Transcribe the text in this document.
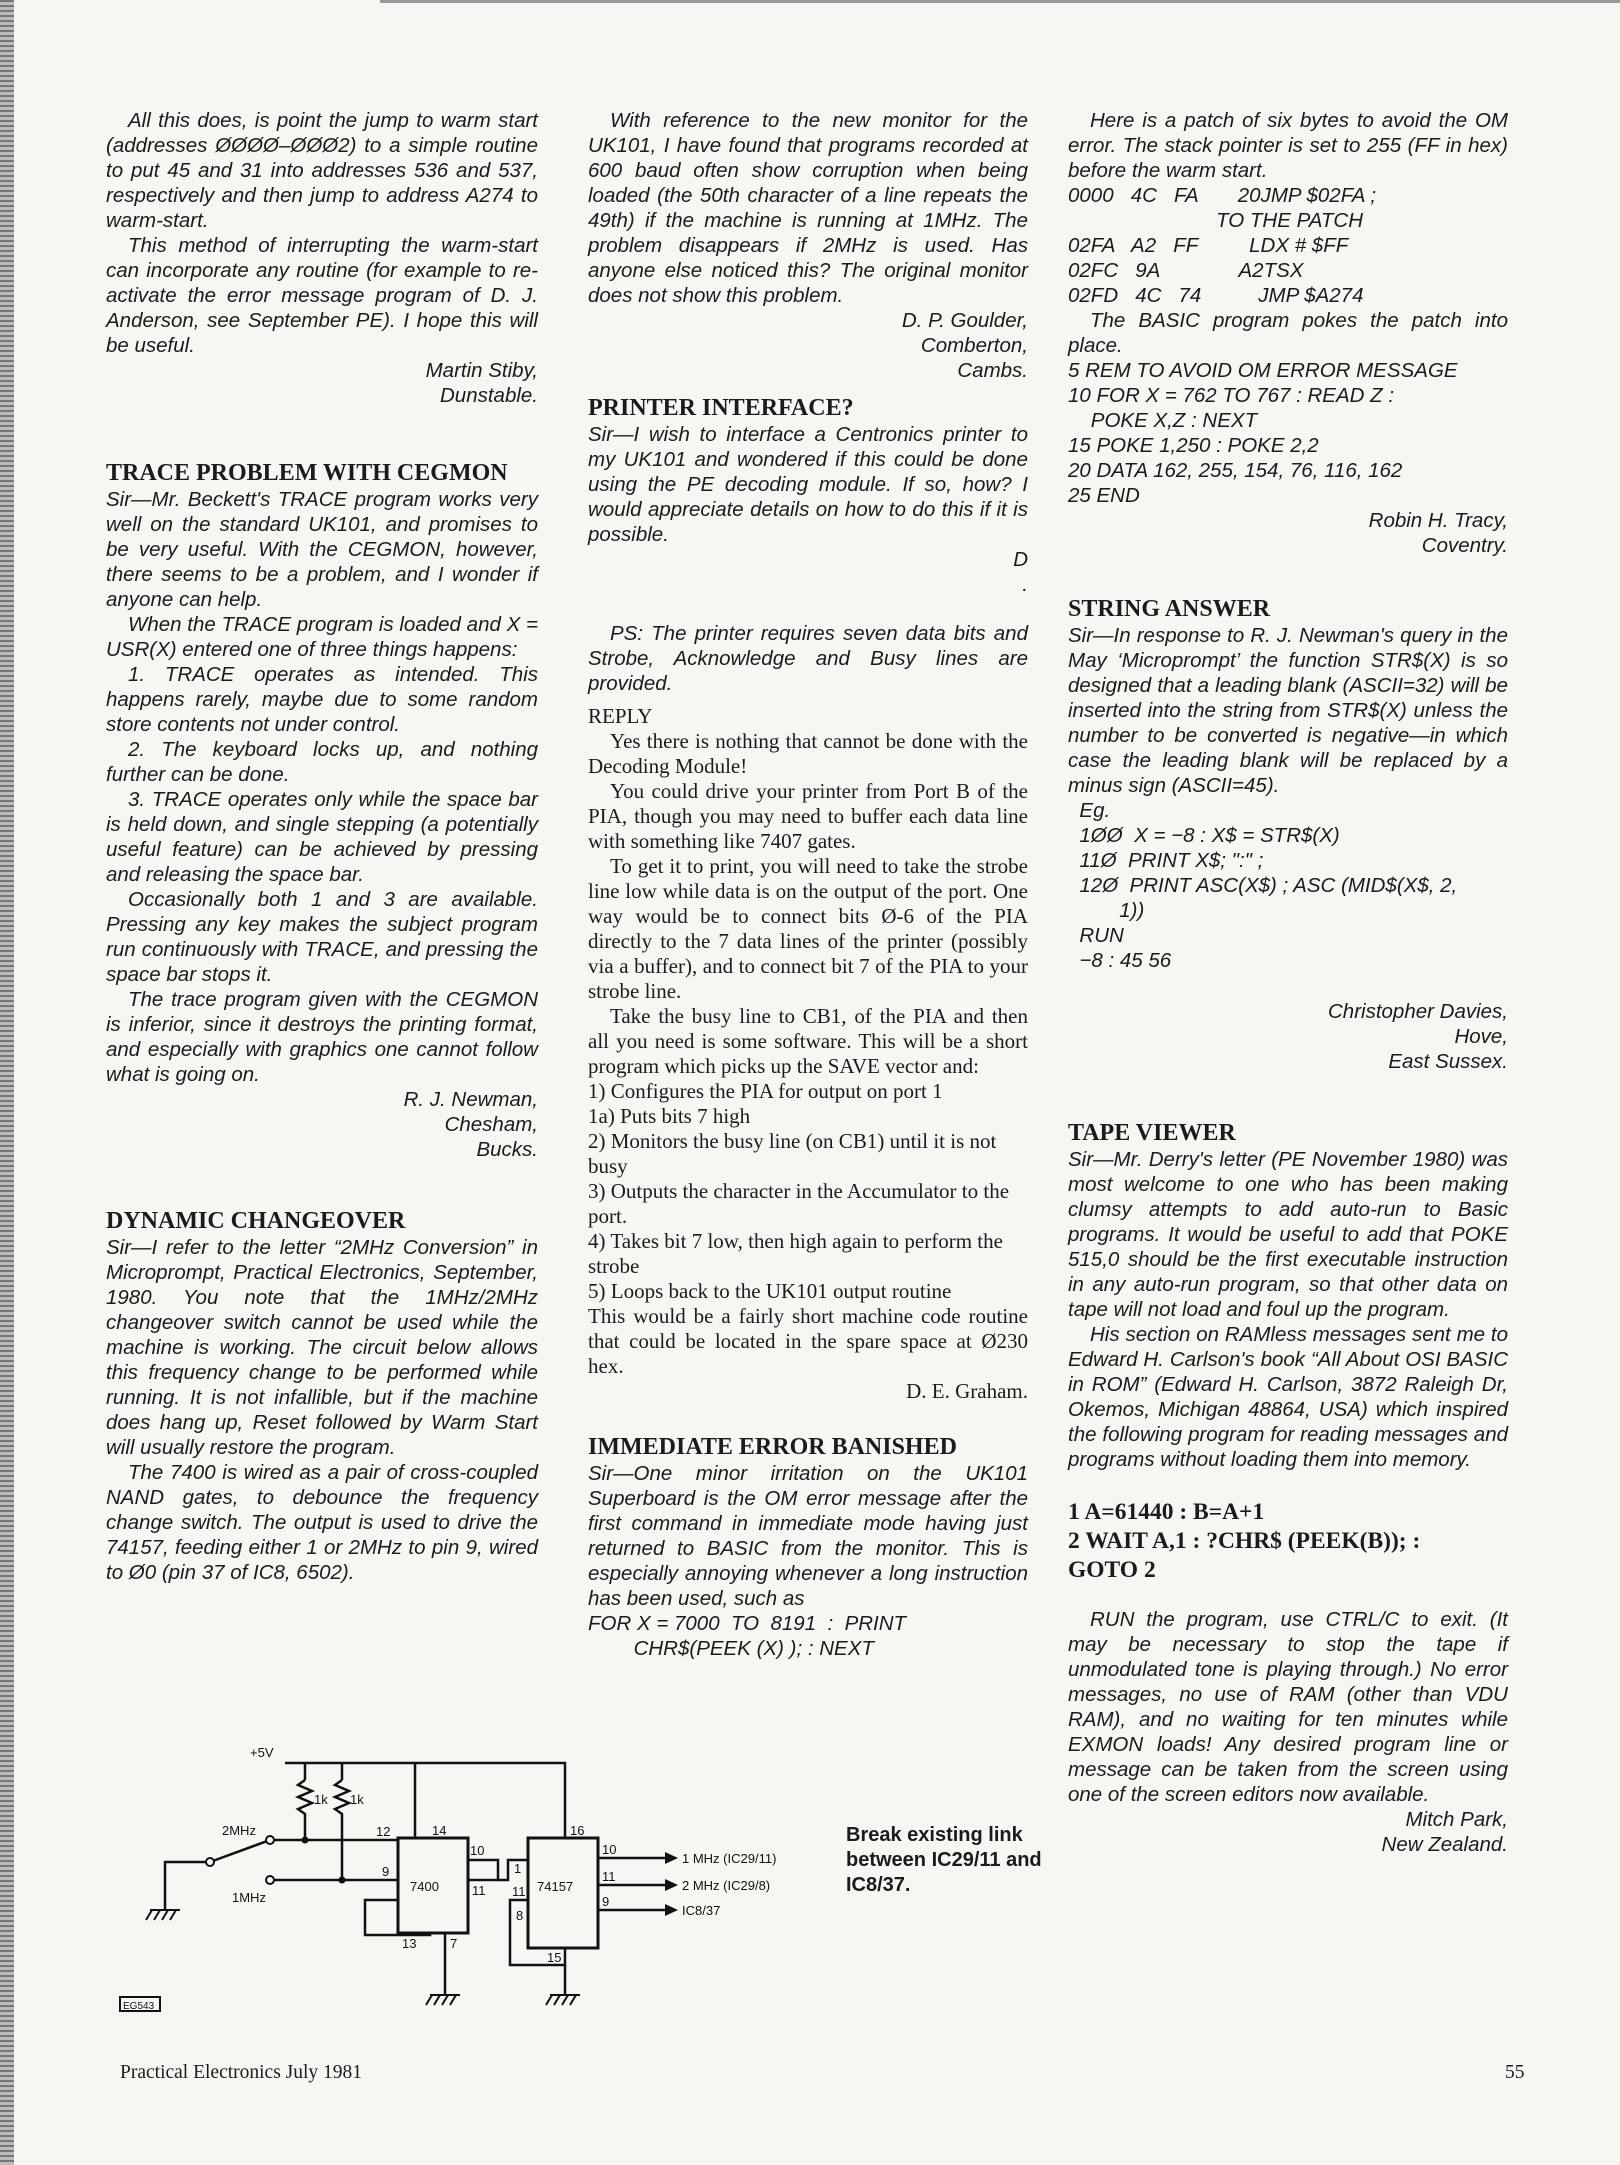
All this does, is point the jump to warm start (addresses ØØØØ–ØØØ2) to a simple routine to put 45 and 31 into addresses 536 and 537, respectively and then jump to address A274 to warm-start.

This method of interrupting the warm-start can incorporate any routine (for example to re-activate the error message program of D. J. Anderson, see September PE). I hope this will be useful.

Martin Stiby,

Dunstable.

TRACE PROBLEM WITH CEGMON

Sir—Mr. Beckett's TRACE program works very well on the standard UK101, and promises to be very useful. With the CEGMON, however, there seems to be a problem, and I wonder if anyone can help.

When the TRACE program is loaded and X = USR(X) entered one of three things happens:

1. TRACE operates as intended. This happens rarely, maybe due to some random store contents not under control.

2. The keyboard locks up, and nothing further can be done.

3. TRACE operates only while the space bar is held down, and single stepping (a potentially useful feature) can be achieved by pressing and releasing the space bar.

Occasionally both 1 and 3 are available. Pressing any key makes the subject program run continuously with TRACE, and pressing the space bar stops it.

The trace program given with the CEGMON is inferior, since it destroys the printing format, and especially with graphics one cannot follow what is going on.

R. J. Newman,

Chesham,

Bucks.

DYNAMIC CHANGEOVER

Sir—I refer to the letter “2MHz Conversion” in Microprompt, Practical Electronics, September, 1980. You note that the 1MHz/2MHz changeover switch cannot be used while the machine is working. The circuit below allows this frequency change to be performed while running. It is not infallible, but if the machine does hang up, Reset followed by Warm Start will usually restore the program.

The 7400 is wired as a pair of cross-coupled NAND gates, to debounce the frequency change switch. The output is used to drive the 74157, feeding either 1 or 2MHz to pin 9, wired to Ø0 (pin 37 of IC8, 6502).

With reference to the new monitor for the UK101, I have found that programs recorded at 600 baud often show corruption when being loaded (the 50th character of a line repeats the 49th) if the machine is running at 1MHz. The problem disappears if 2MHz is used. Has anyone else noticed this? The original monitor does not show this problem.

D. P. Goulder,

Comberton,

Cambs.

PRINTER INTERFACE?

Sir—I wish to interface a Centronics printer to my UK101 and wondered if this could be done using the PE decoding module. If so, how? I would appreciate details on how to do this if it is possible.

D

.

PS: The printer requires seven data bits and Strobe, Acknowledge and Busy lines are provided.

REPLY

Yes there is nothing that cannot be done with the Decoding Module!

You could drive your printer from Port B of the PIA, though you may need to buffer each data line with something like 7407 gates.

To get it to print, you will need to take the strobe line low while data is on the output of the port. One way would be to connect bits Ø-6 of the PIA directly to the 7 data lines of the printer (possibly via a buffer), and to connect bit 7 of the PIA to your strobe line.

Take the busy line to CB1, of the PIA and then all you need is some software. This will be a short program which picks up the SAVE vector and:

1) Configures the PIA for output on port 1

1a) Puts bits 7 high

2) Monitors the busy line (on CB1) until it is not busy

3) Outputs the character in the Accumulator to the port.

4) Takes bit 7 low, then high again to perform the strobe

5) Loops back to the UK101 output routine

This would be a fairly short machine code routine that could be located in the spare space at Ø230 hex.

D. E. Graham.

IMMEDIATE ERROR BANISHED

Sir—One minor irritation on the UK101 Superboard is the OM error message after the first command in immediate mode having just returned to BASIC from the monitor. This is especially annoying whenever a long instruction has been used, such as

FOR X = 7000  TO  8191  :  PRINT
CHR$(PEEK (X) ); : NEXT

Here is a patch of six bytes to avoid the OM error. The stack pointer is set to 255 (FF in hex) before the warm start.

0000   4C   FA       20JMP $02FA ;
TO THE PATCH
02FA   A2   FF         LDX # $FF
02FC   9A              A2TSX
02FD   4C   74          JMP $A274

The BASIC program pokes the patch into place.

5 REM TO AVOID OM ERROR MESSAGE
10 FOR X = 762 TO 767 : READ Z :
POKE X,Z : NEXT
15 POKE 1,250 : POKE 2,2
20 DATA 162, 255, 154, 76, 116, 162
25 END

Robin H. Tracy,

Coventry.

STRING ANSWER

Sir—In response to R. J. Newman's query in the May ‘Microprompt’ the function STR$(X) is so designed that a leading blank (ASCII=32) will be inserted into the string from STR$(X) unless the number to be converted is negative—in which case the leading blank will be replaced by a minus sign (ASCII=45).

Eg.
1ØØ  X = −8 : X$ = STR$(X)
11Ø  PRINT X$; ":" ;
12Ø  PRINT ASC(X$) ; ASC (MID$(X$, 2,
1))
RUN
−8 : 45 56

Christopher Davies,

Hove,

East Sussex.

TAPE VIEWER

Sir—Mr. Derry's letter (PE November 1980) was most welcome to one who has been making clumsy attempts to add auto-run to Basic programs. It would be useful to add that POKE 515,0 should be the first executable instruction in any auto-run program, so that other data on tape will not load and foul up the program.

His section on RAMless messages sent me to Edward H. Carlson's book “All About OSI BASIC in ROM” (Edward H. Carlson, 3872 Raleigh Dr, Okemos, Michigan 48864, USA) which inspired the following program for reading messages and programs without loading them into memory.

1 A=61440 : B=A+1

2 WAIT A,1 : ?CHR$ (PEEK(B)); :

GOTO 2

RUN the program, use CTRL/C to exit. (It may be necessary to stop the tape if unmodulated tone is playing through.) No error messages, no use of RAM (other than VDU RAM), and no waiting for ten minutes while EXMON loads! Any desired program line or message can be taken from the screen using one of the screen editors now available.

Mitch Park,

New Zealand.

+5V
1k 1k
2MHz
1MHz
7400	74157
12
9
14
10
11
13	7
1
16
11
8
15
10
11
9
1 MHz (IC29/11)
2 MHz (IC29/8)
IC8/37
EG543
Break existing link between IC29/11 and IC8/37.
Practical Electronics July 1981	55
